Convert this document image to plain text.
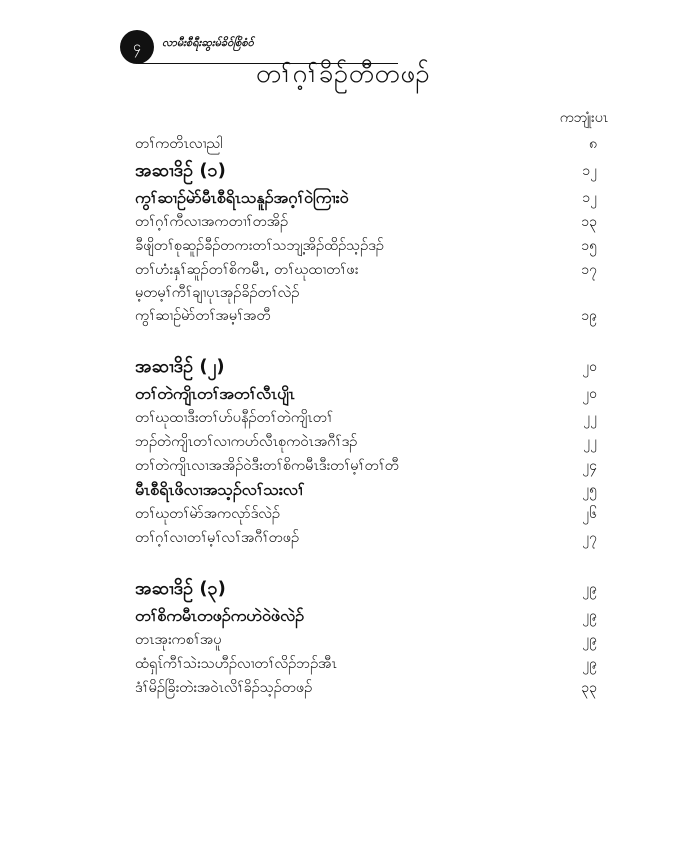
၄	လာမီးစီရီးဆွးမ်ခိဝ်စြိစံဝ်
တၢ်ဂ့ၢ်ခိဉ်တီတဖၣ်
ကဘျုံးပၤ
တၢ်ကတိၤလၢညါ	၈
အဆၢဒိဉ် (၁)	၁၂
ကွၢ်ဆၢဉ်မဲာ်မီၤစီရိၤသနူၣ်အဂ့ၢ်ဝဲကြၢးဝဲ	၁၂
တၢ်ဂ့ၢ်ကီလၢအကတၢၢ်တအိၣ်	၁၃
ခီဖျိတၢ်စုဆူၣ်ခီၣ်တကးတၢ်သဘျ့အိၣ်ထိၣ်သ့ၣ်ဒၣ်	၁၅
တၢ်ဟံးနှၢ်ဆူၣ်တၢ်စိကမီၤ, တၢ်ဃုထၢတၢ်ဖး	၁၇
မ့တမ့ၢ်ကီၢ်ချၢပုၤအုၣ်ခိၣ်တၢ်လဲၣ်
ကွၢ်ဆၢဉ်မဲာ်တၢ်အမ့ၢ်အတီ	၁၉
အဆၢဒိဉ် (၂)	၂၀
တၢ်တဲကျိၤတၢ်အတၢ်လီၤပျိၤ	၂၀
တၢ်ဃုထၢဒီးတၢ်ဟ်ပနီၣ်တၢ်တဲကျိၤတၢ်	၂၂
ဘၣ်တဲကျိၤတၢ်လၢကဟ်လီၤစုကဝဲၤအဂီၢ်ဒၣ်	၂၂
တၢ်တဲကျိၤလၢအအိၣ်ဝဲဒီးတၢ်စိကမီၤဒီးတၢ်မ့ၢ်တၢ်တီ	၂၄
မီၤစီရိၤဖိလၢအသ့ၣ်လၢ်သးလၢ်	၂၅
တၢ်ဃုတၢ်မဲာ်အကလုာ်ဒ်လဲၣ်	၂၆
တၢ်ဂ့ၢ်လၢတၢ်မ့ၢ်လၢ်အဂီၢ်တဖၣ်	၂၇
အဆၢဒိဉ် (၃)	၂၉
တၢ်စိကမီၤတဖၣ်ကဟဲဝဲဖဲလဲၣ်	၂၉
တၤအုးကစၢ်အပူ	၂၉
ထံရှၤ်ကီၢ်သဲးသဟီၣ်လၢတၢ်လိၣ်ဘၣ်အီၤ	၂၉
ဒံၢ်မိၣ်ခြိးတဲးအဝဲၤလိၢ်ခိၣ်သ့ၣ်တဖၣ်	၃၃
